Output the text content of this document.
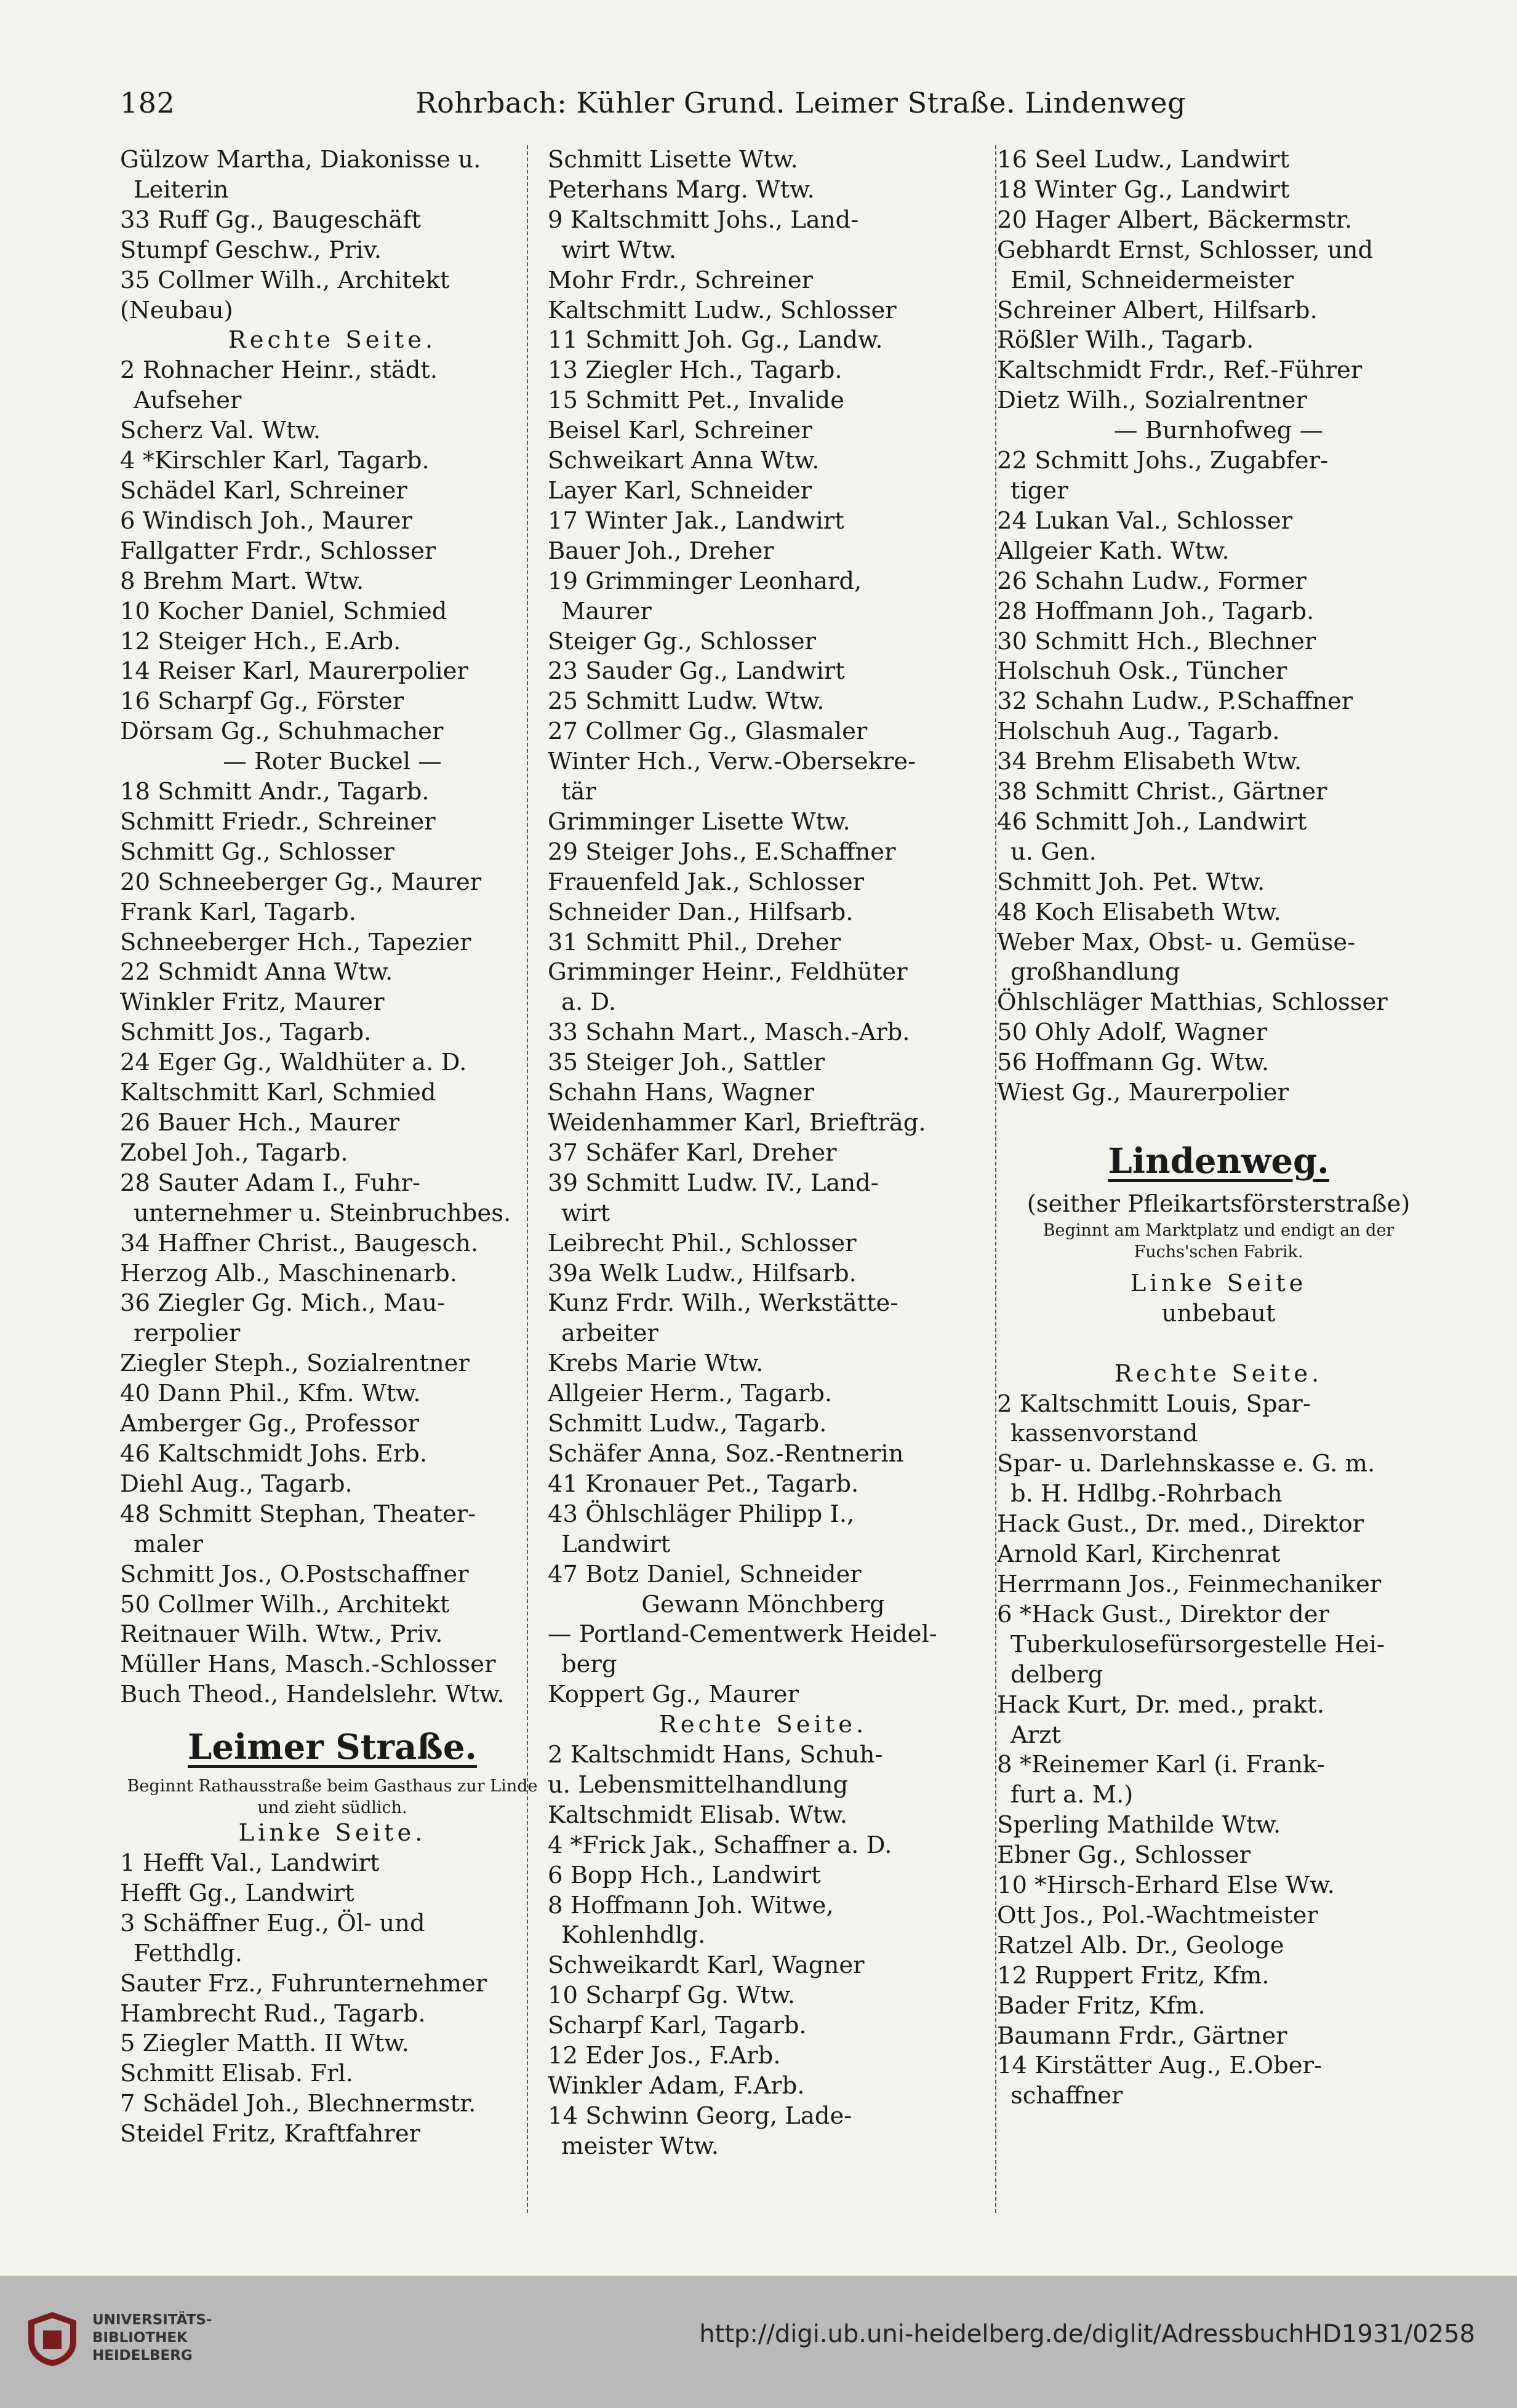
182	Rohrbach: Kühler Grund. Leimer Straße. Lindenweg
Gülzow Martha, Diakonisse u.
Leiterin
33 Ruff Gg., Baugeschäft
Stumpf Geschw., Priv.
35 Collmer Wilh., Architekt
(Neubau)
Rechte Seite.
2 Rohnacher Heinr., städt.
Aufseher
Scherz Val. Wtw.
4 *Kirschler Karl, Tagarb.
Schädel Karl, Schreiner
6 Windisch Joh., Maurer
Fallgatter Frdr., Schlosser
8 Brehm Mart. Wtw.
10 Kocher Daniel, Schmied
12 Steiger Hch., E.Arb.
14 Reiser Karl, Maurerpolier
16 Scharpf Gg., Förster
Dörsam Gg., Schuhmacher
— Roter Buckel —
18 Schmitt Andr., Tagarb.
Schmitt Friedr., Schreiner
Schmitt Gg., Schlosser
20 Schneeberger Gg., Maurer
Frank Karl, Tagarb.
Schneeberger Hch., Tapezier
22 Schmidt Anna Wtw.
Winkler Fritz, Maurer
Schmitt Jos., Tagarb.
24 Eger Gg., Waldhüter a. D.
Kaltschmitt Karl, Schmied
26 Bauer Hch., Maurer
Zobel Joh., Tagarb.
28 Sauter Adam I., Fuhr-
unternehmer u. Steinbruchbes.
34 Haffner Christ., Baugesch.
Herzog Alb., Maschinenarb.
36 Ziegler Gg. Mich., Mau-
rerpolier
Ziegler Steph., Sozialrentner
40 Dann Phil., Kfm. Wtw.
Amberger Gg., Professor
46 Kaltschmidt Johs. Erb.
Diehl Aug., Tagarb.
48 Schmitt Stephan, Theater-
maler
Schmitt Jos., O.Postschaffner
50 Collmer Wilh., Architekt
Reitnauer Wilh. Wtw., Priv.
Müller Hans, Masch.-Schlosser
Buch Theod., Handelslehr. Wtw.
Leimer Straße.
Beginnt Rathausstraße beim Gasthaus zur Linde und zieht südlich.
Linke Seite.
1 Hefft Val., Landwirt
Hefft Gg., Landwirt
3 Schäffner Eug., Öl- und
Fetthdlg.
Sauter Frz., Fuhrunternehmer
Hambrecht Rud., Tagarb.
5 Ziegler Matth. II Wtw.
Schmitt Elisab. Frl.
7 Schädel Joh., Blechnermstr.
Steidel Fritz, Kraftfahrer
Schmitt Lisette Wtw.
Peterhans Marg. Wtw.
9 Kaltschmitt Johs., Land-
wirt Wtw.
Mohr Frdr., Schreiner
Kaltschmitt Ludw., Schlosser
11 Schmitt Joh. Gg., Landw.
13 Ziegler Hch., Tagarb.
15 Schmitt Pet., Invalide
Beisel Karl, Schreiner
Schweikart Anna Wtw.
Layer Karl, Schneider
17 Winter Jak., Landwirt
Bauer Joh., Dreher
19 Grimminger Leonhard,
Maurer
Steiger Gg., Schlosser
23 Sauder Gg., Landwirt
25 Schmitt Ludw. Wtw.
27 Collmer Gg., Glasmaler
Winter Hch., Verw.-Obersekre-
tär
Grimminger Lisette Wtw.
29 Steiger Johs., E.Schaffner
Frauenfeld Jak., Schlosser
Schneider Dan., Hilfsarb.
31 Schmitt Phil., Dreher
Grimminger Heinr., Feldhüter
a. D.
33 Schahn Mart., Masch.-Arb.
35 Steiger Joh., Sattler
Schahn Hans, Wagner
Weidenhammer Karl, Briefträg.
37 Schäfer Karl, Dreher
39 Schmitt Ludw. IV., Land-
wirt
Leibrecht Phil., Schlosser
39a Welk Ludw., Hilfsarb.
Kunz Frdr. Wilh., Werkstätte-
arbeiter
Krebs Marie Wtw.
Allgeier Herm., Tagarb.
Schmitt Ludw., Tagarb.
Schäfer Anna, Soz.-Rentnerin
41 Kronauer Pet., Tagarb.
43 Öhlschläger Philipp I.,
Landwirt
47 Botz Daniel, Schneider
Gewann Mönchberg
— Portland-Cementwerk Heidel-
berg
Koppert Gg., Maurer
Rechte Seite.
2 Kaltschmidt Hans, Schuh-
u. Lebensmittelhandlung
Kaltschmidt Elisab. Wtw.
4 *Frick Jak., Schaffner a. D.
6 Bopp Hch., Landwirt
8 Hoffmann Joh. Witwe,
Kohlenhdlg.
Schweikardt Karl, Wagner
10 Scharpf Gg. Wtw.
Scharpf Karl, Tagarb.
12 Eder Jos., F.Arb.
Winkler Adam, F.Arb.
14 Schwinn Georg, Lade-
meister Wtw.
16 Seel Ludw., Landwirt
18 Winter Gg., Landwirt
20 Hager Albert, Bäckermstr.
Gebhardt Ernst, Schlosser, und
Emil, Schneidermeister
Schreiner Albert, Hilfsarb.
Rößler Wilh., Tagarb.
Kaltschmidt Frdr., Ref.-Führer
Dietz Wilh., Sozialrentner
— Burnhofweg —
22 Schmitt Johs., Zugabfer-
tiger
24 Lukan Val., Schlosser
Allgeier Kath. Wtw.
26 Schahn Ludw., Former
28 Hoffmann Joh., Tagarb.
30 Schmitt Hch., Blechner
Holschuh Osk., Tüncher
32 Schahn Ludw., P.Schaffner
Holschuh Aug., Tagarb.
34 Brehm Elisabeth Wtw.
38 Schmitt Christ., Gärtner
46 Schmitt Joh., Landwirt
u. Gen.
Schmitt Joh. Pet. Wtw.
48 Koch Elisabeth Wtw.
Weber Max, Obst- u. Gemüse-
großhandlung
Öhlschläger Matthias, Schlosser
50 Ohly Adolf, Wagner
56 Hoffmann Gg. Wtw.
Wiest Gg., Maurerpolier
Lindenweg.
(seither Pfleikartsförsterstraße)
Beginnt am Marktplatz und endigt an der Fuchs'schen Fabrik.
Linke Seite
unbebaut

Rechte Seite.
2 Kaltschmitt Louis, Spar-
kassenvorstand
Spar- u. Darlehnskasse e. G. m.
b. H. Hdlbg.-Rohrbach
Hack Gust., Dr. med., Direktor
Arnold Karl, Kirchenrat
Herrmann Jos., Feinmechaniker
6 *Hack Gust., Direktor der
Tuberkulosefürsorgestelle Hei-
delberg
Hack Kurt, Dr. med., prakt.
Arzt
8 *Reinemer Karl (i. Frank-
furt a. M.)
Sperling Mathilde Wtw.
Ebner Gg., Schlosser
10 *Hirsch-Erhard Else Ww.
Ott Jos., Pol.-Wachtmeister
Ratzel Alb. Dr., Geologe
12 Ruppert Fritz, Kfm.
Bader Fritz, Kfm.
Baumann Frdr., Gärtner
14 Kirstätter Aug., E.Ober-
schaffner
UNIVERSITÄTS-
BIBLIOTHEK
HEIDELBERG
http://digi.ub.uni-heidelberg.de/diglit/AdressbuchHD1931/0258
